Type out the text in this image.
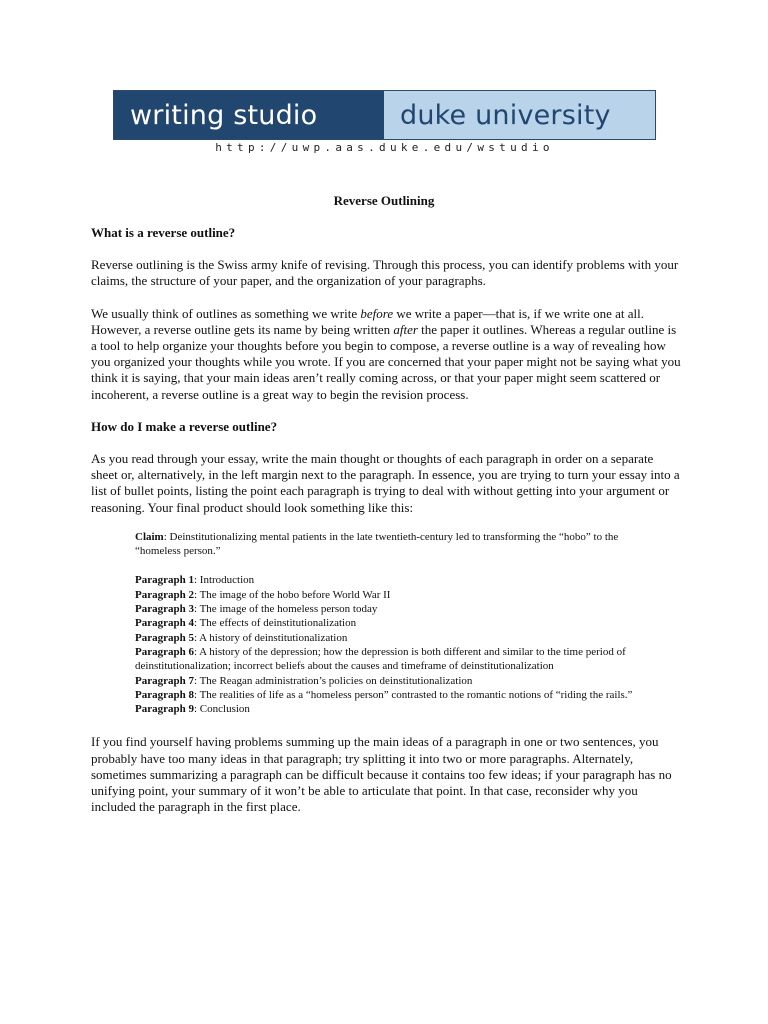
writing studio	duke university
http://uwp.aas.duke.edu/wstudio
Reverse Outlining
What is a reverse outline?

Reverse outlining is the Swiss army knife of revising. Through this process, you can identify problems with your claims, the structure of your paper, and the organization of your paragraphs.

We usually think of outlines as something we write before we write a paper—that is, if we write one at all. However, a reverse outline gets its name by being written after the paper it outlines. Whereas a regular outline is a tool to help organize your thoughts before you begin to compose, a reverse outline is a way of revealing how you organized your thoughts while you wrote. If you are concerned that your paper might not be saying what you think it is saying, that your main ideas aren’t really coming across, or that your paper might seem scattered or incoherent, a reverse outline is a great way to begin the revision process.

How do I make a reverse outline?

As you read through your essay, write the main thought or thoughts of each paragraph in order on a separate sheet or, alternatively, in the left margin next to the paragraph. In essence, you are trying to turn your essay into a list of bullet points, listing the point each paragraph is trying to deal with without getting into your argument or reasoning. Your final product should look something like this:

Claim: Deinstitutionalizing mental patients in the late twentieth-century led to transforming the “hobo” to the “homeless person.”
Paragraph 1: Introduction
Paragraph 2: The image of the hobo before World War II
Paragraph 3: The image of the homeless person today
Paragraph 4: The effects of deinstitutionalization
Paragraph 5: A history of deinstitutionalization
Paragraph 6: A history of the depression; how the depression is both different and similar to the time period of deinstitutionalization; incorrect beliefs about the causes and timeframe of deinstitutionalization
Paragraph 7: The Reagan administration’s policies on deinstitutionalization
Paragraph 8: The realities of life as a “homeless person” contrasted to the romantic notions of “riding the rails.”
Paragraph 9: Conclusion

If you find yourself having problems summing up the main ideas of a paragraph in one or two sentences, you probably have too many ideas in that paragraph; try splitting it into two or more paragraphs. Alternately, sometimes summarizing a paragraph can be difficult because it contains too few ideas; if your paragraph has no unifying point, your summary of it won’t be able to articulate that point. In that case, reconsider why you included the paragraph in the first place.
